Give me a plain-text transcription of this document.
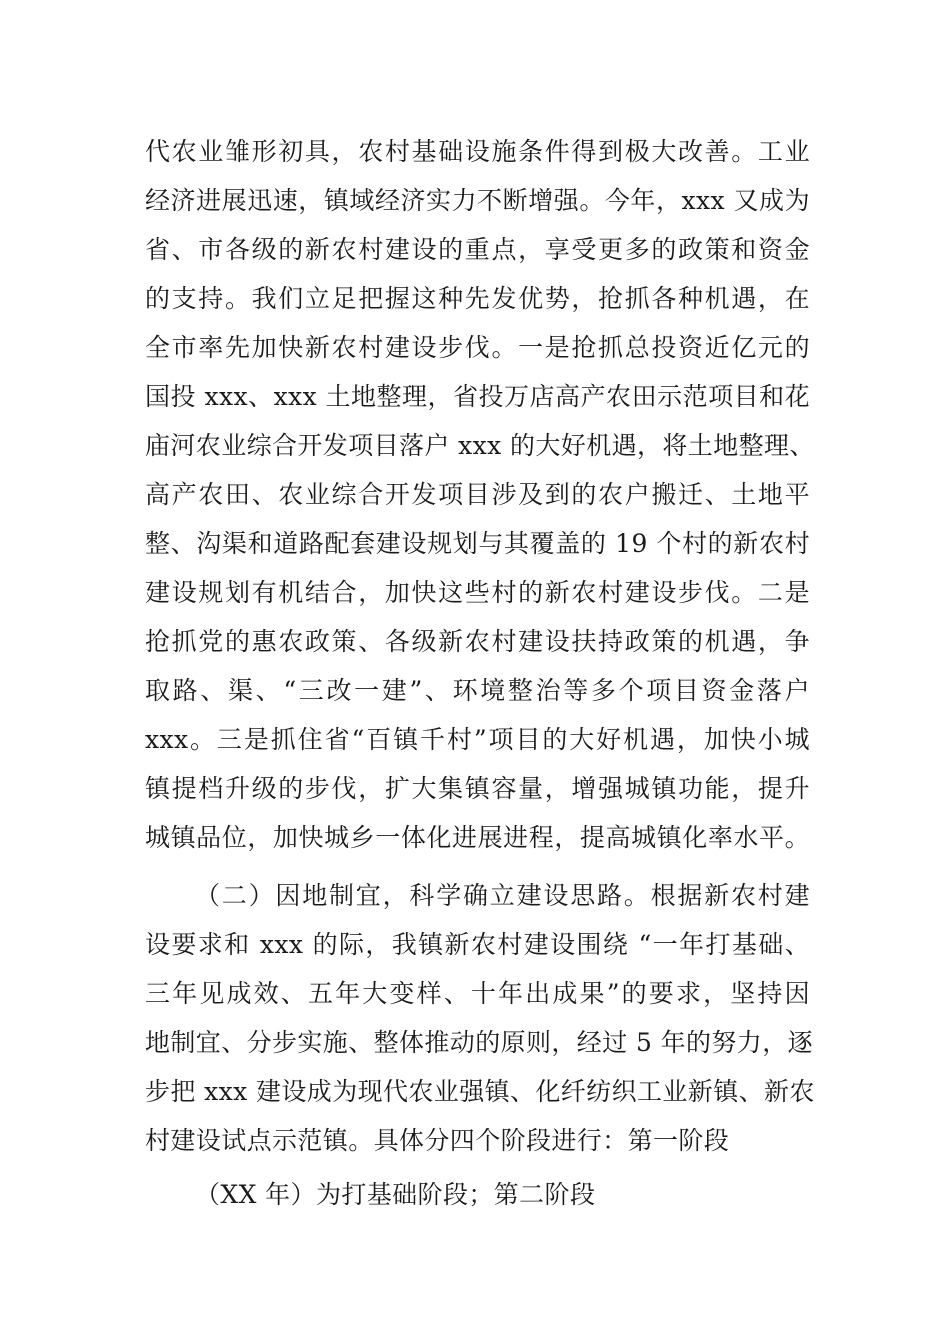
代农业雏形初具，农村基础设施条件得到极大改善。工业
经济进展迅速，镇域经济实力不断增强。今年，xxx 又成为
省、市各级的新农村建设的重点，享受更多的政策和资金
的支持。我们立足把握这种先发优势，抢抓各种机遇，在
全市率先加快新农村建设步伐。一是抢抓总投资近亿元的
国投 xxx、xxx 土地整理，省投万店高产农田示范项目和花
庙河农业综合开发项目落户 xxx 的大好机遇，将土地整理、
高产农田、农业综合开发项目涉及到的农户搬迁、土地平
整、沟渠和道路配套建设规划与其覆盖的 19 个村的新农村
建设规划有机结合，加快这些村的新农村建设步伐。二是
抢抓党的惠农政策、各级新农村建设扶持政策的机遇，争
取路、渠、“三改一建”、环境整治等多个项目资金落户
xxx。三是抓住省“百镇千村”项目的大好机遇，加快小城
镇提档升级的步伐，扩大集镇容量，增强城镇功能，提升
城镇品位，加快城乡一体化进展进程，提高城镇化率水平。
（二）因地制宜，科学确立建设思路。根据新农村建
设要求和 xxx 的际，我镇新农村建设围绕 “一年打基础、
三年见成效、五年大变样、十年出成果”的要求，坚持因
地制宜、分步实施、整体推动的原则，经过 5 年的努力，逐
步把 xxx 建设成为现代农业强镇、化纤纺织工业新镇、新农
村建设试点示范镇。具体分四个阶段进行：第一阶段
（XX 年）为打基础阶段；第二阶段
